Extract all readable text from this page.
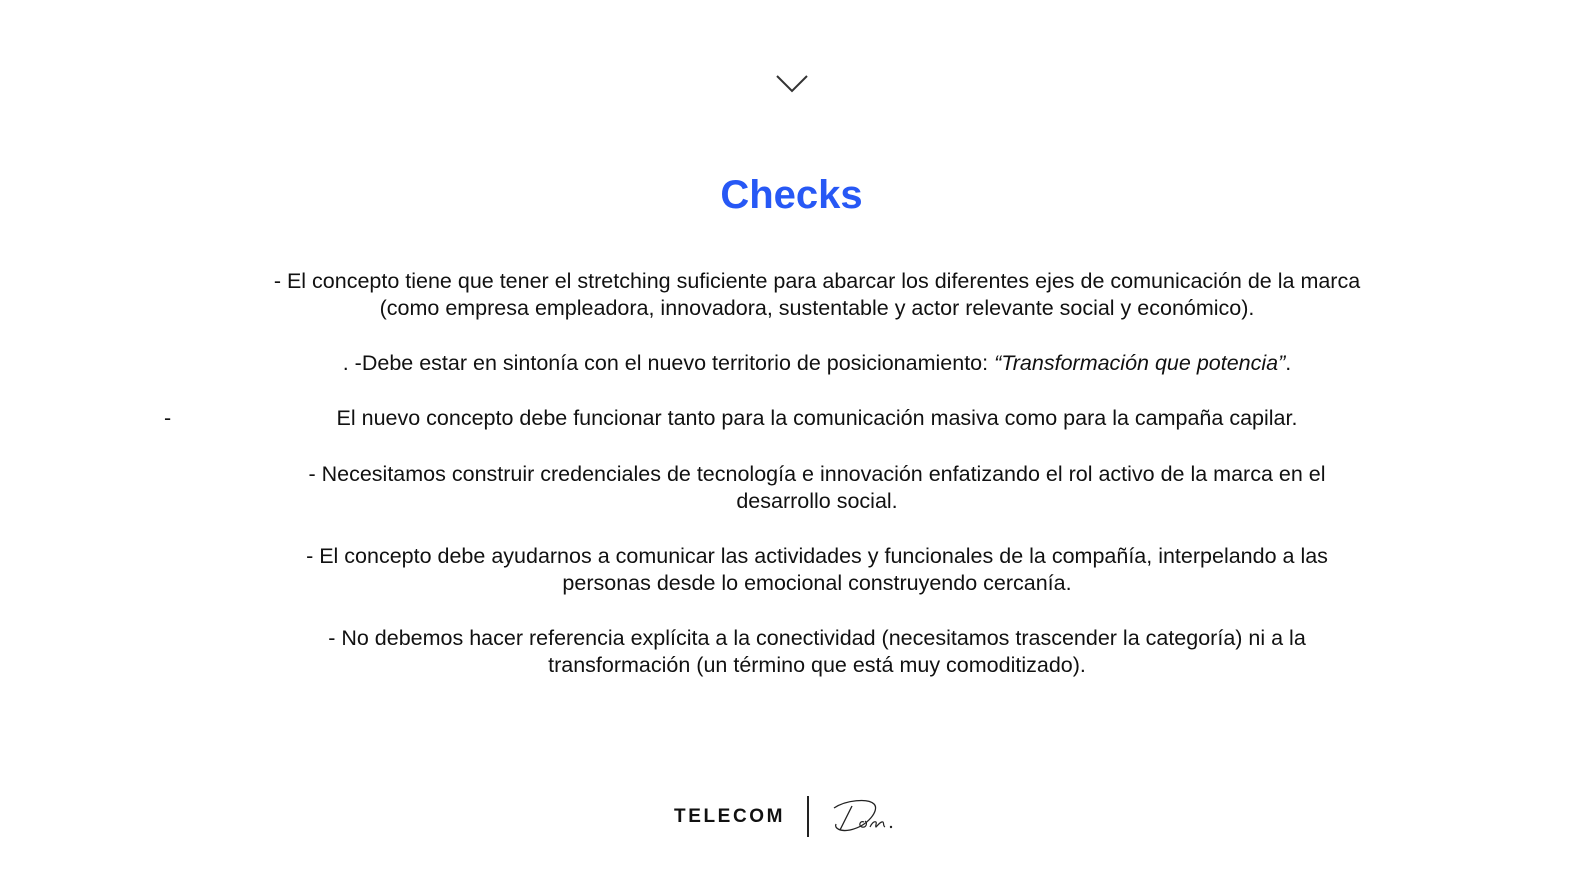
Checks

- El concepto tiene que tener el stretching suficiente para abarcar los diferentes ejes de comunicación de la marca (como empresa empleadora, innovadora, sustentable y actor relevante social y económico).

. -Debe estar en sintonía con el nuevo territorio de posicionamiento: “Transformación que potencia”.

-	El nuevo concepto debe funcionar tanto para la comunicación masiva como para la campaña capilar.

- Necesitamos construir credenciales de tecnología e innovación enfatizando el rol activo de la marca en el desarrollo social.

- El concepto debe ayudarnos a comunicar las actividades y funcionales de la compañía, interpelando a las personas desde lo emocional construyendo cercanía.

- No debemos hacer referencia explícita a la conectividad (necesitamos trascender la categoría) ni a la transformación (un término que está muy comoditizado).

TELECOM
